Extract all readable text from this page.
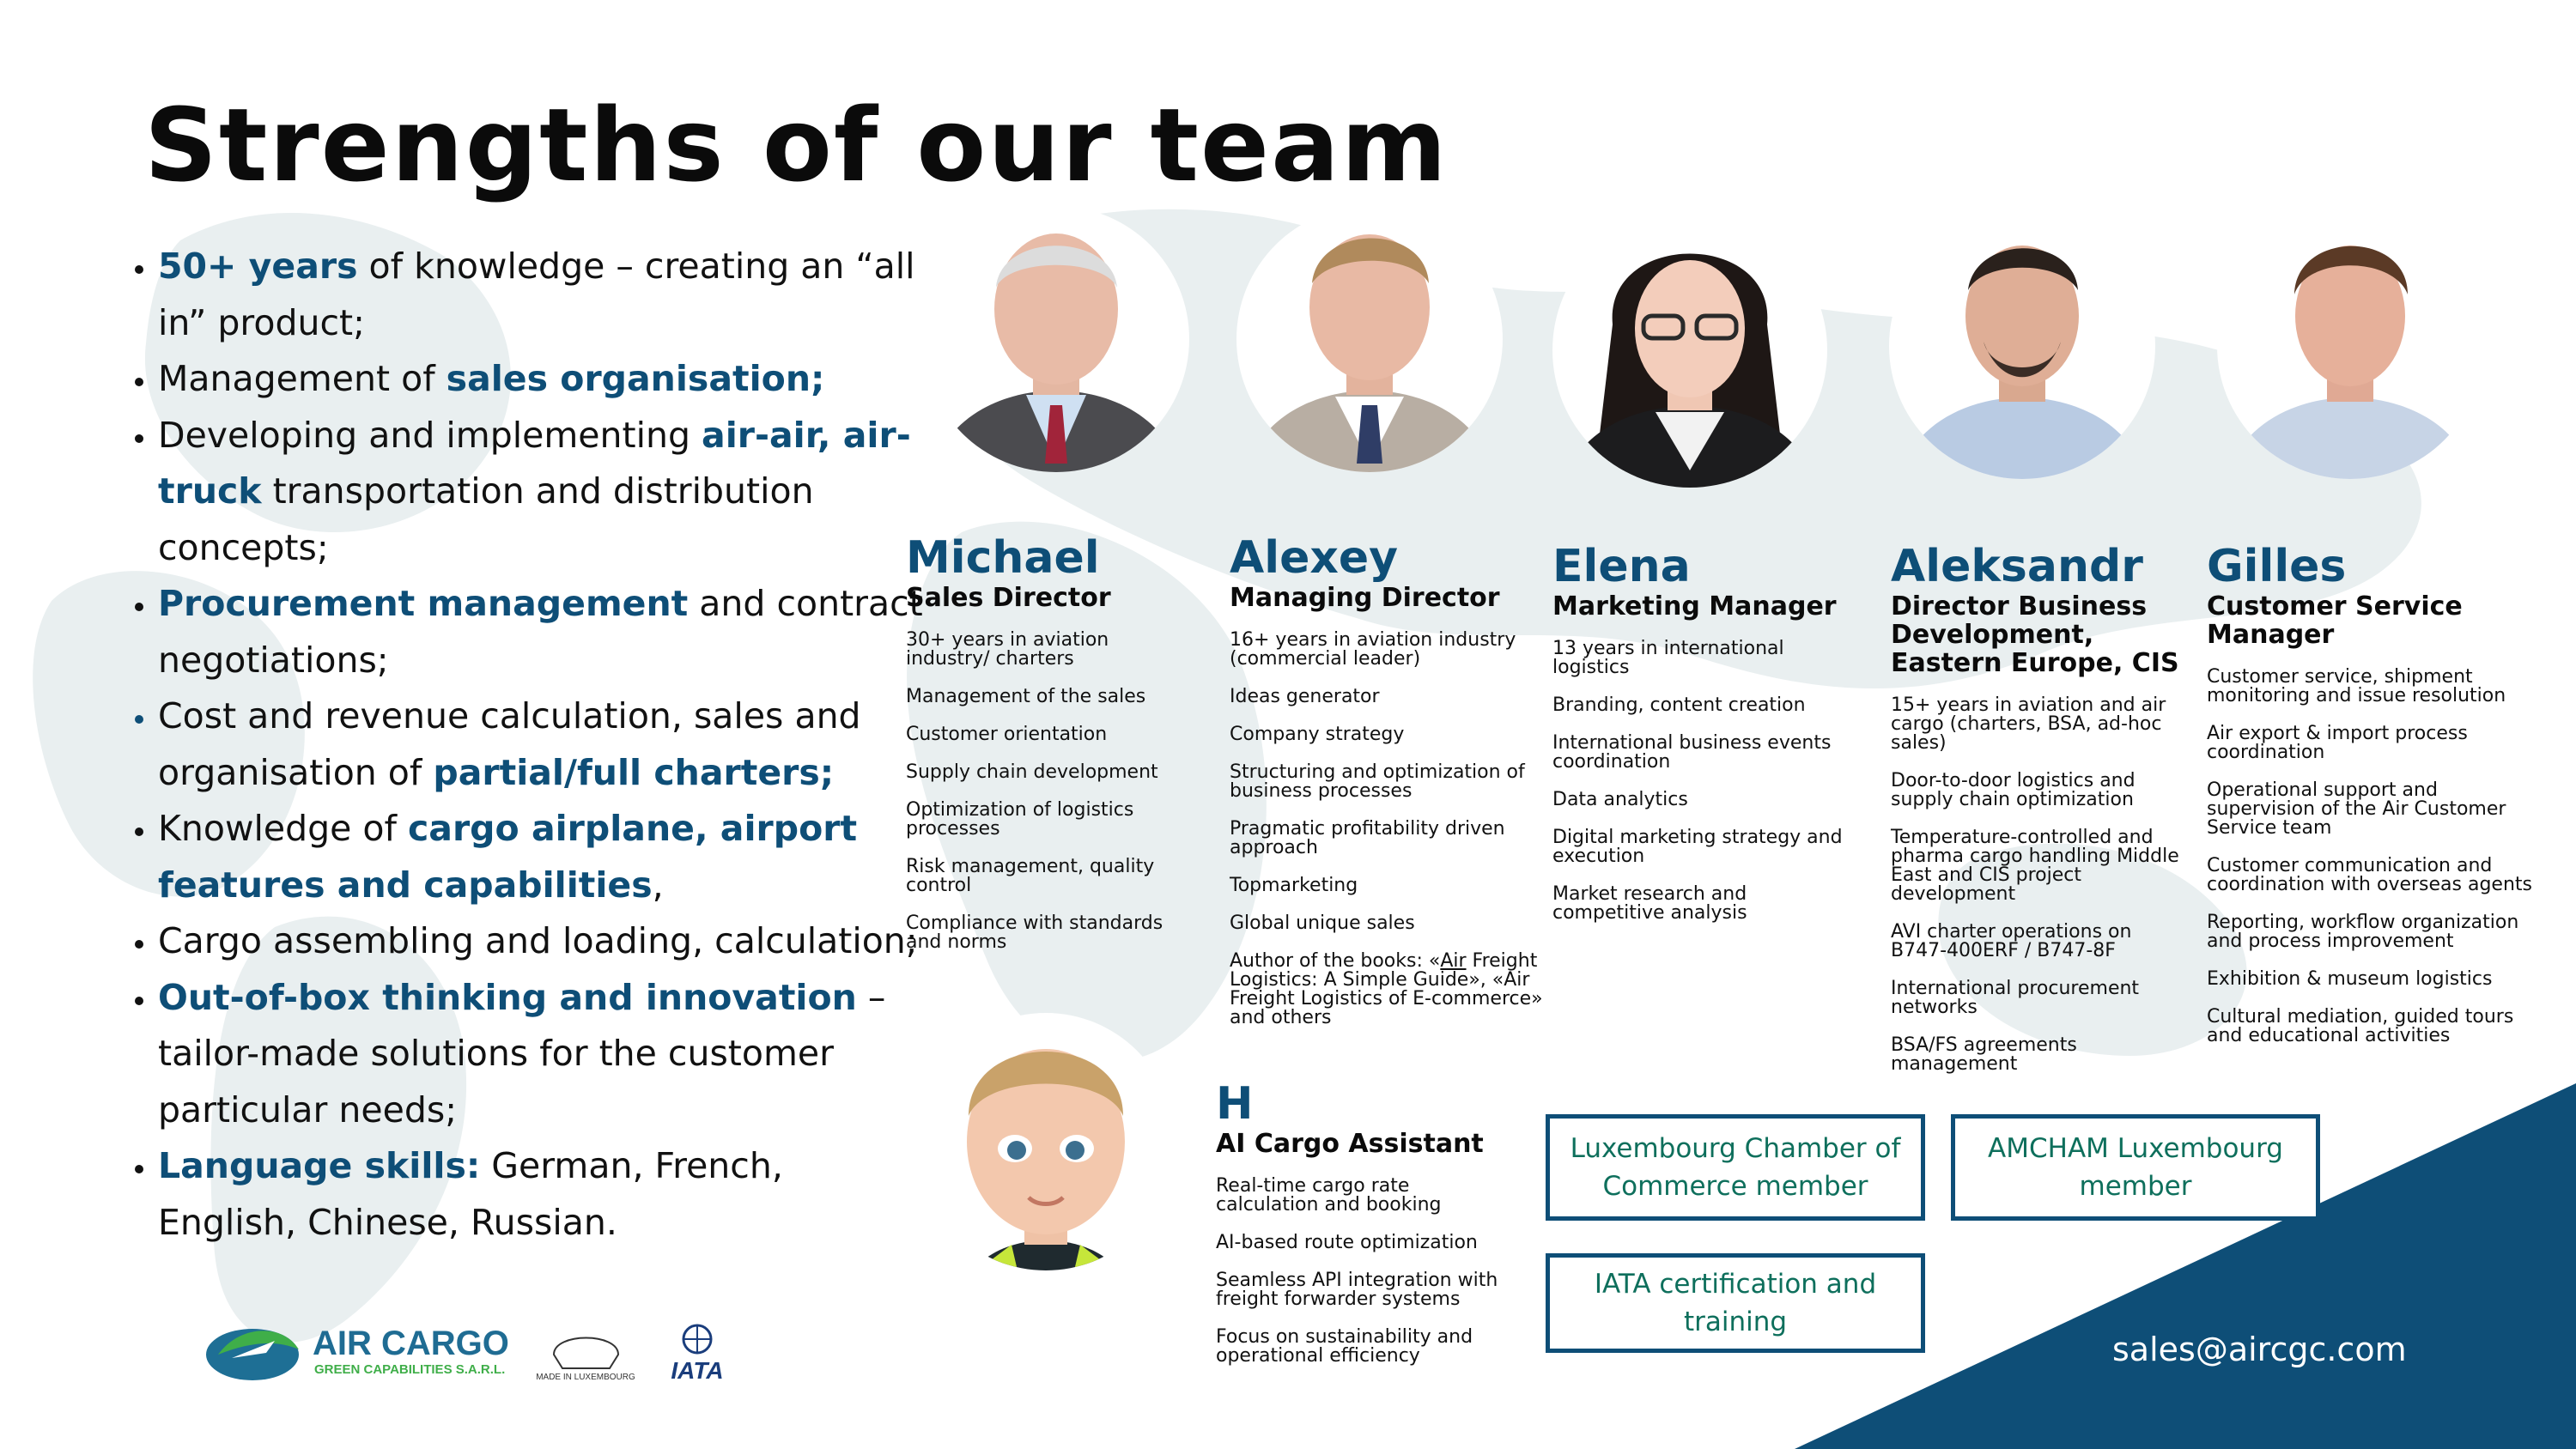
Strengths of our team
• 50+ years of knowledge – creating an “all in” product;
• Management of sales organisation;
• Developing and implementing air-air, air-truck transportation and distribution concepts;
• Procurement management and contract negotiations;
• Cost and revenue calculation, sales and organisation of partial/full charters;
• Knowledge of cargo airplane, airport features and capabilities,
• Cargo assembling and loading, calculation;
• Out-of-box thinking and innovation – tailor-made solutions for the customer particular needs;
• Language skills: German, French, English, Chinese, Russian.
Michael
Sales Director
30+ years in aviation industry/ charters
Management of the sales
Customer orientation
Supply chain development
Optimization of logistics processes
Risk management, quality control
Compliance with standards and norms
Alexey
Managing Director
16+ years in aviation industry (commercial leader)
Ideas generator
Company strategy
Structuring and optimization of business processes
Pragmatic profitability driven approach
Topmarketing
Global unique sales
Author of the books: «Air Freight Logistics: A Simple Guide», «Air Freight Logistics of E-commerce» and others
Elena
Marketing Manager
13 years in international logistics
Branding, content creation
International business events coordination
Data analytics
Digital marketing strategy and execution
Market research and competitive analysis
Aleksandr
Director Business Development, Eastern Europe, CIS
15+ years in aviation and air cargo (charters, BSA, ad-hoc sales)
Door-to-door logistics and supply chain optimization
Temperature-controlled and pharma cargo handling Middle East and CIS project development
AVI charter operations on B747-400ERF / B747-8F
International procurement networks
BSA/FS agreements management
Gilles
Customer Service Manager
Customer service, shipment monitoring and issue resolution
Air export & import process coordination
Operational support and supervision of the Air Customer Service team
Customer communication and coordination with overseas agents
Reporting, workflow organization and process improvement
Exhibition & museum logistics
Cultural mediation, guided tours and educational activities
H
AI Cargo Assistant
Real-time cargo rate calculation and booking
AI-based route optimization
Seamless API integration with freight forwarder systems
Focus on sustainability and operational efficiency
Luxembourg Chamber of Commerce member
AMCHAM Luxembourg member
IATA certification and training
sales@aircgc.com
AIR CARGO
GREEN CAPABILITIES S.A.R.L.
MADE IN LUXEMBOURG IATA
